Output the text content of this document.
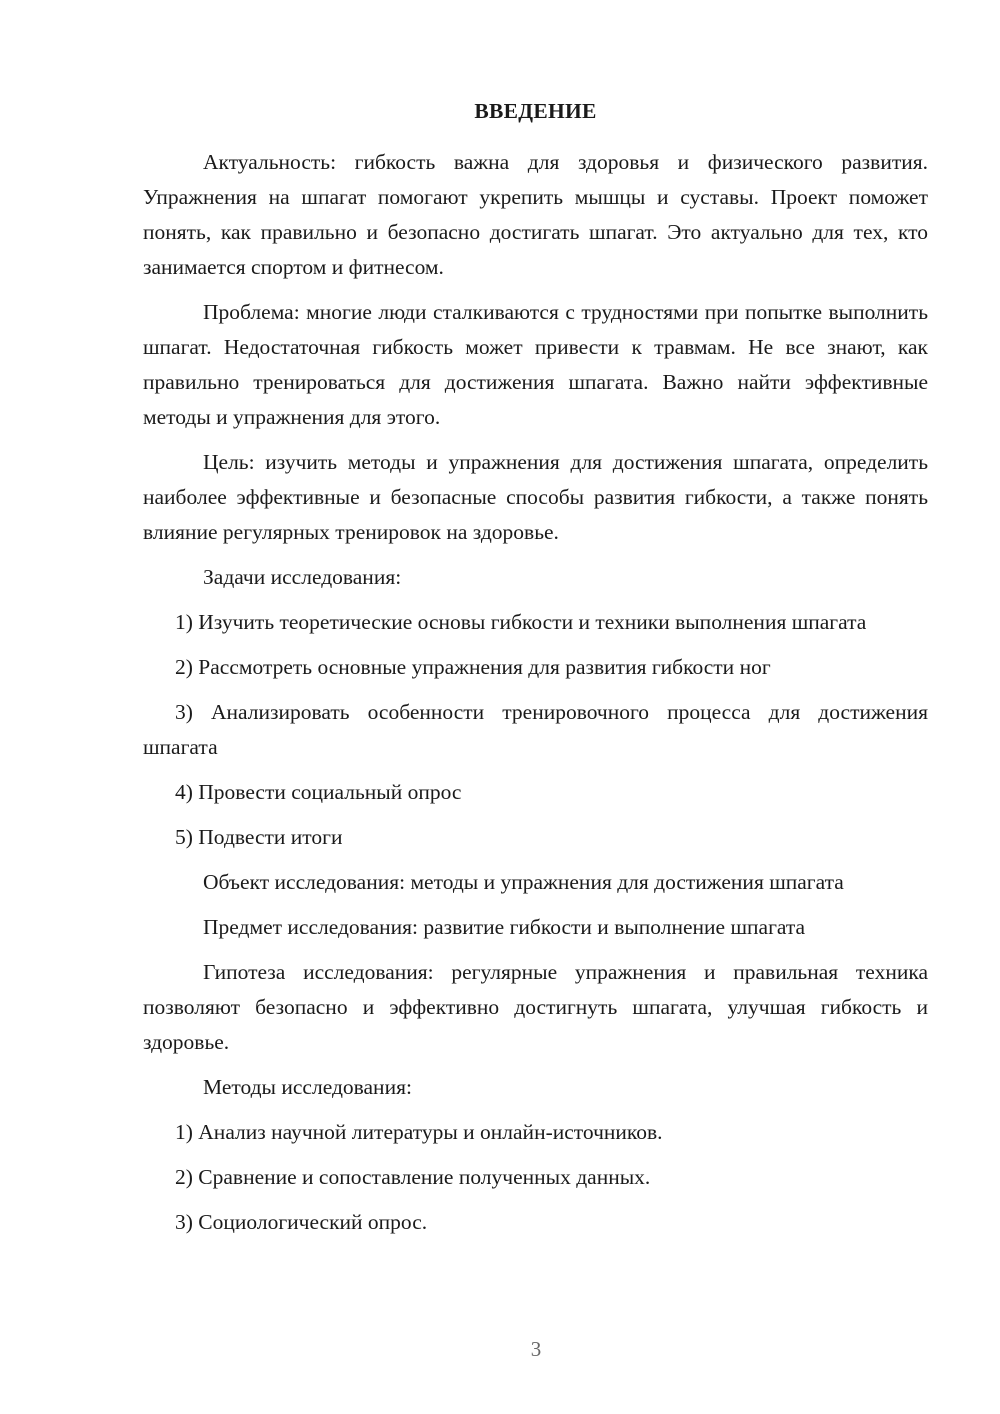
ВВЕДЕНИЕ

Актуальность: гибкость важна для здоровья и физического развития. Упражнения на шпагат помогают укрепить мышцы и суставы. Проект поможет понять, как правильно и безопасно достигать шпагат. Это актуально для тех, кто занимается спортом и фитнесом.

Проблема: многие люди сталкиваются с трудностями при попытке выполнить шпагат. Недостаточная гибкость может привести к травмам. Не все знают, как правильно тренироваться для достижения шпагата. Важно найти эффективные методы и упражнения для этого.

Цель: изучить методы и упражнения для достижения шпагата, определить наиболее эффективные и безопасные способы развития гибкости, а также понять влияние регулярных тренировок на здоровье.

Задачи исследования:

1) Изучить теоретические основы гибкости и техники выполнения шпагата

2) Рассмотреть основные упражнения для развития гибкости ног

3) Анализировать особенности тренировочного процесса для достижения шпагата

4) Провести социальный опрос

5) Подвести итоги

Объект исследования: методы и упражнения для достижения шпагата

Предмет исследования: развитие гибкости и выполнение шпагата

Гипотеза исследования: регулярные упражнения и правильная техника позволяют безопасно и эффективно достигнуть шпагата, улучшая гибкость и здоровье.

Методы исследования:

1) Анализ научной литературы и онлайн-источников.

2) Сравнение и сопоставление полученных данных.

3) Социологический опрос.

3
